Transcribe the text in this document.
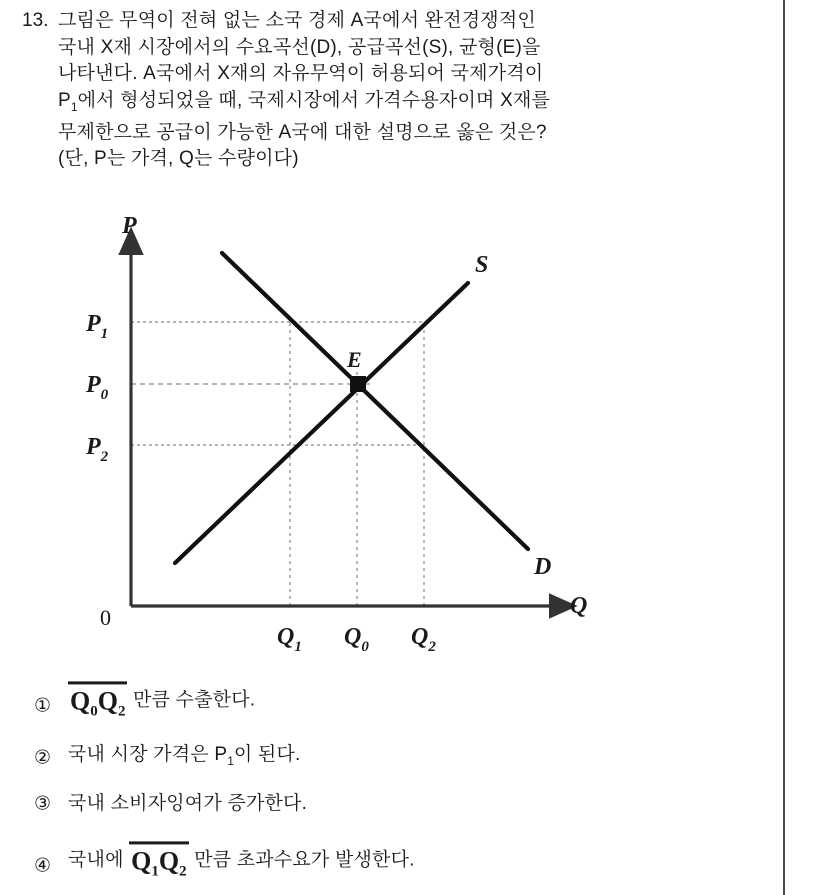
13. 그림은 무역이 전혀 없는 소국 경제 A국에서 완전경쟁적인
국내 X재 시장에서의 수요곡선(D), 공급곡선(S), 균형(E)을
나타낸다. A국에서 X재의 자유무역이 허용되어 국제가격이
$P_1$에서 형성되었을 때, 국제시장에서 가격수용자이며 X재를
무제한으로 공급이 가능한 A국에 대한 설명으로 옳은 것은?
(단, P는 가격, Q는 수량이다)
P
Q
0
S
D
E
$P_1$
$P_0$
$P_2$
$Q_1$ $Q_0$ $Q_2$
① $Q_0Q_2$ 만큼 수출한다.
② 국내 시장 가격은 $P_1$이 된다.
③ 국내 소비자잉여가 증가한다.
④ 국내에 $Q_1Q_2$ 만큼 초과수요가 발생한다.
